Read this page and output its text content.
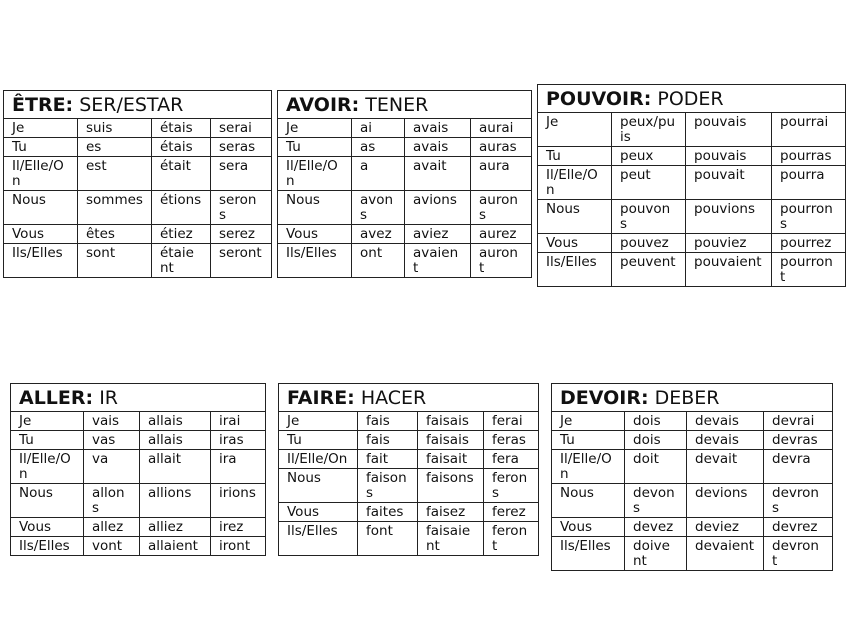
ÊTRE: SER/ESTAR			
Je	suis	étais	serai
Tu	es	étais	seras
Il/Elle/On	est	était	sera
Nous	sommes	étions	serons
Vous	êtes	étiez	serez
Ils/Elles	sont	étaient	seront
AVOIR: TENER			
Je	ai	avais	aurai
Tu	as	avais	auras
Il/Elle/On	a	avait	aura
Nous	avons	avions	aurons
Vous	avez	aviez	aurez
Ils/Elles	ont	avaient	auront
POUVOIR: PODER			
Je	peux/puis	pouvais	pourrai
Tu	peux	pouvais	pourras
Il/Elle/On	peut	pouvait	pourra
Nous	pouvons	pouvions	pourrons
Vous	pouvez	pouviez	pourrez
Ils/Elles	peuvent	pouvaient	pourront
ALLER: IR			
Je	vais	allais	irai
Tu	vas	allais	iras
Il/Elle/On	va	allait	ira
Nous	allons	allions	irions
Vous	allez	alliez	irez
Ils/Elles	vont	allaient	iront
FAIRE: HACER			
Je	fais	faisais	ferai
Tu	fais	faisais	feras
Il/Elle/On	fait	faisait	fera
Nous	faisons	faisons	ferons
Vous	faites	faisez	ferez
Ils/Elles	font	faisaient	feront
DEVOIR: DEBER			
Je	dois	devais	devrai
Tu	dois	devais	devras
Il/Elle/On	doit	devait	devra
Nous	devons	devions	devrons
Vous	devez	deviez	devrez
Ils/Elles	doivent	devaient	devront
